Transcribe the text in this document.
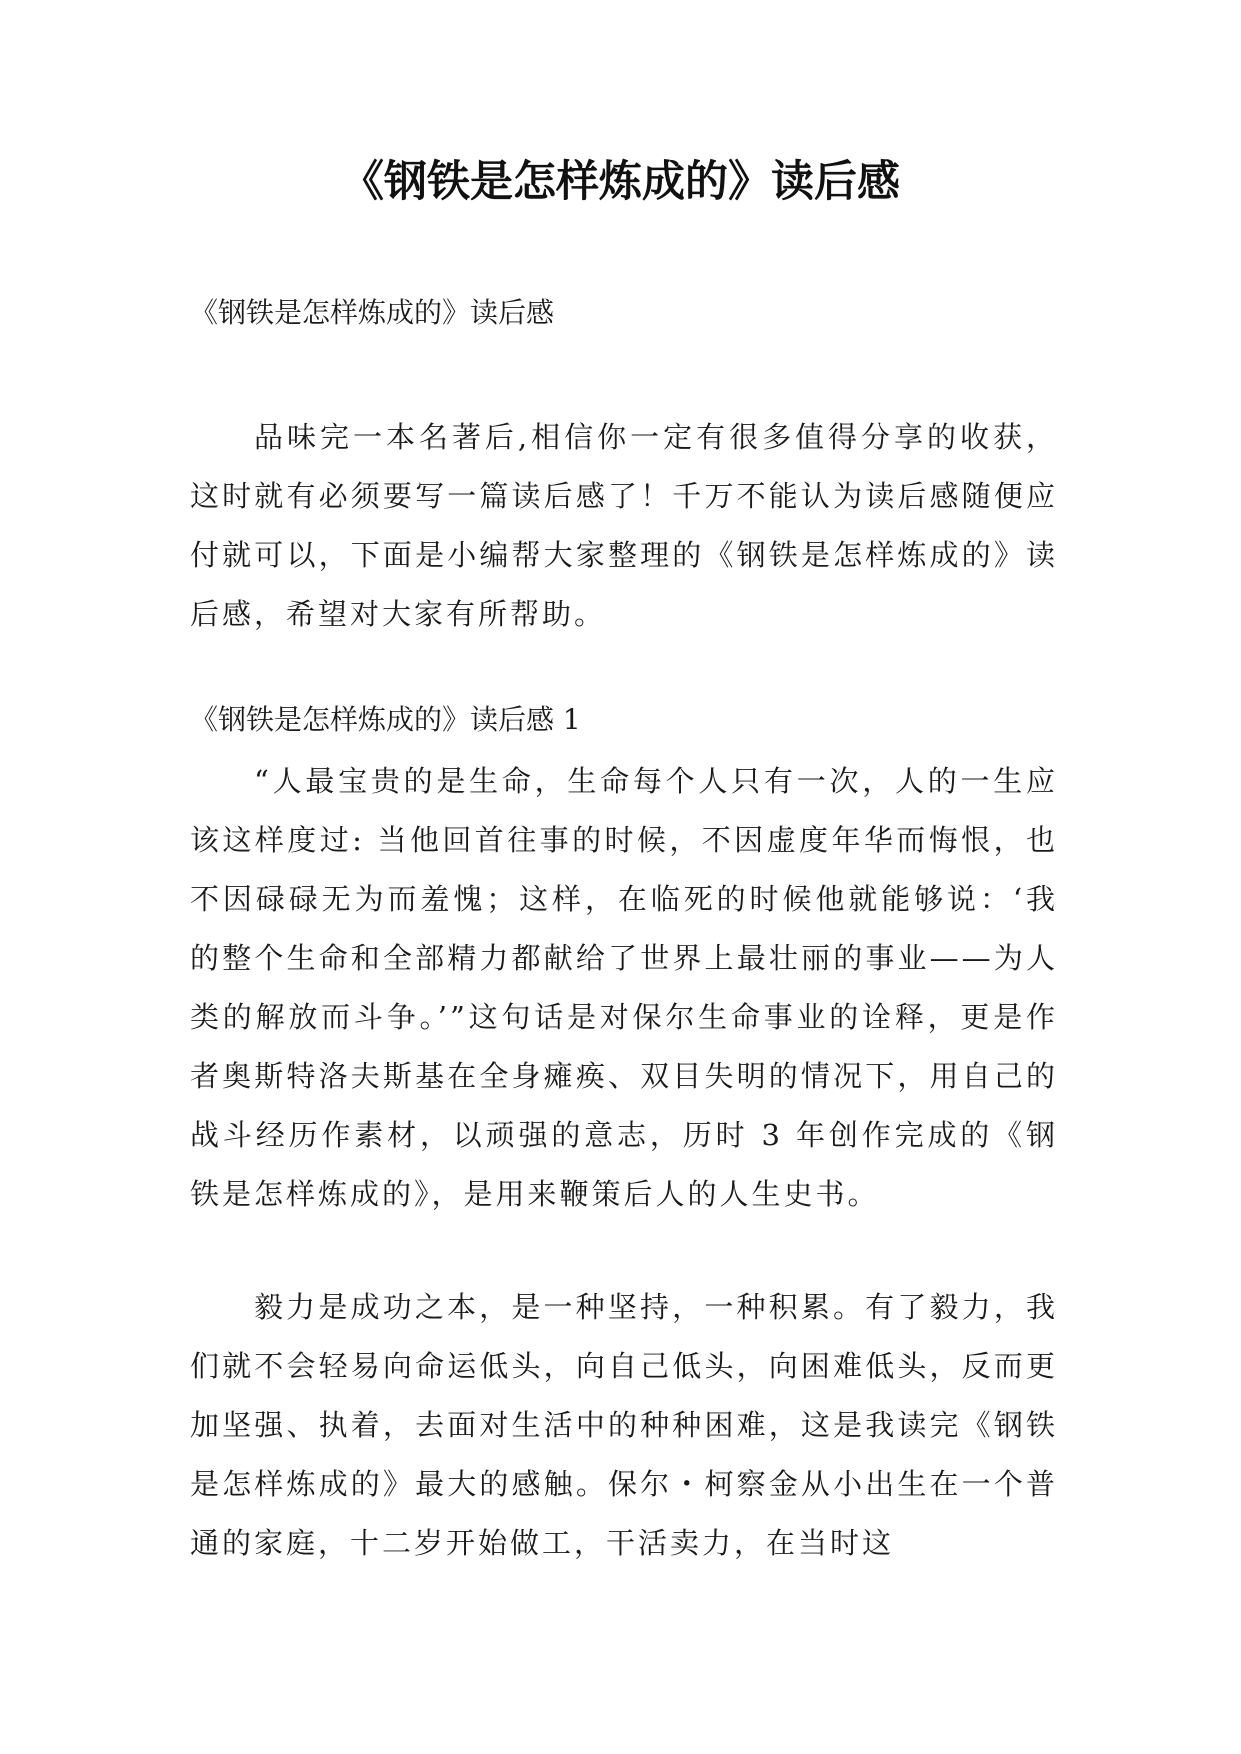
《钢铁是怎样炼成的》读后感

《钢铁是怎样炼成的》读后感

品味完一本名著后,相信你一定有很多值得分享的收获，这时就有必须要写一篇读后感了！千万不能认为读后感随便应付就可以，下面是小编帮大家整理的《钢铁是怎样炼成的》读后感，希望对大家有所帮助。

《钢铁是怎样炼成的》读后感 1

“人最宝贵的是生命，生命每个人只有一次，人的一生应该这样度过: 当他回首往事的时候，不因虚度年华而悔恨，也不因碌碌无为而羞愧；这样，在临死的时候他就能够说：‘我的整个生命和全部精力都献给了世界上最壮丽的事业——为人类的解放而斗争。’”这句话是对保尔生命事业的诠释，更是作者奥斯特洛夫斯基在全身瘫痪、双目失明的情况下，用自己的战斗经历作素材，以顽强的意志，历时 3 年创作完成的《钢铁是怎样炼成的》，是用来鞭策后人的人生史书。

毅力是成功之本，是一种坚持，一种积累。有了毅力，我们就不会轻易向命运低头，向自己低头，向困难低头，反而更加坚强、执着，去面对生活中的种种困难，这是我读完《钢铁是怎样炼成的》最大的感触。保尔・柯察金从小出生在一个普通的家庭，十二岁开始做工，干活卖力，在当时这
